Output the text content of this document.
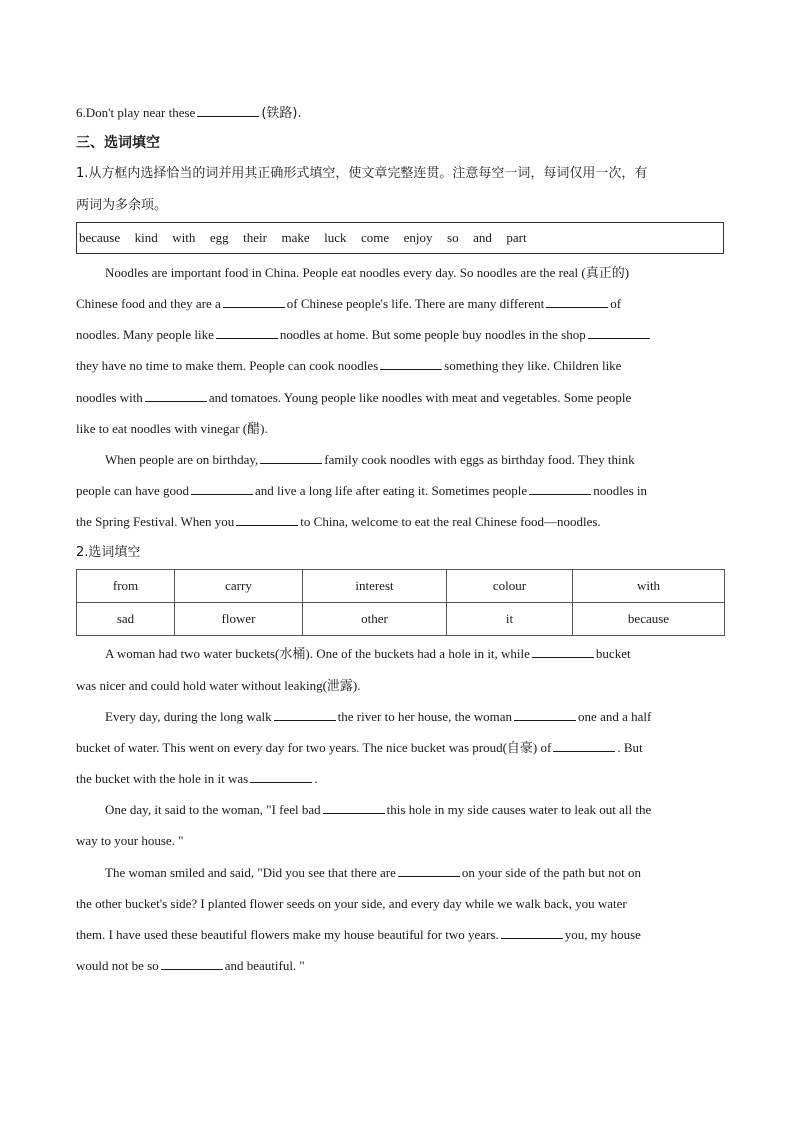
6.Don't play near these	(铁路).
三、选词填空
1.从方框内选择恰当的词并用其正确形式填空，使文章完整连贯。注意每空一词，每词仅用一次，有
两词为多余项。
because  kind  with  egg  their  make  luck  come  enjoy  so  and  part
Noodles are important food in China. People eat noodles every day. So noodles are the real (真正的)
Chinese food and they are a	of Chinese people's life. There are many different	of
noodles. Many people like	noodles at home. But some people buy noodles in the shop
they have no time to make them. People can cook noodles	something they like. Children like
noodles with	and tomatoes. Young people like noodles with meat and vegetables. Some people
like to eat noodles with vinegar (醋).
When people are on birthday,	family cook noodles with eggs as birthday food. They think
people can have good	and live a long life after eating it. Sometimes people	noodles in
the Spring Festival. When you	to China, welcome to eat the real Chinese food—noodles.
2.选词填空
from	carry	interest	colour	with
sad	flower	other	it	because
A woman had two water buckets(水桶). One of the buckets had a hole in it, while	bucket
was nicer and could hold water without leaking(泄露).
Every day, during the long walk	the river to her house, the woman	one and a half
bucket of water. This went on every day for two years. The nice bucket was proud(自豪) of	. But
the bucket with the hole in it was	.
One day, it said to the woman, "I feel bad	this hole in my side causes water to leak out all the
way to your house. "
The woman smiled and said, "Did you see that there are	on your side of the path but not on
the other bucket's side? I planted flower seeds on your side, and every day while we walk back, you water
them. I have used these beautiful flowers make my house beautiful for two years.	you, my house
would not be so	and beautiful. "
